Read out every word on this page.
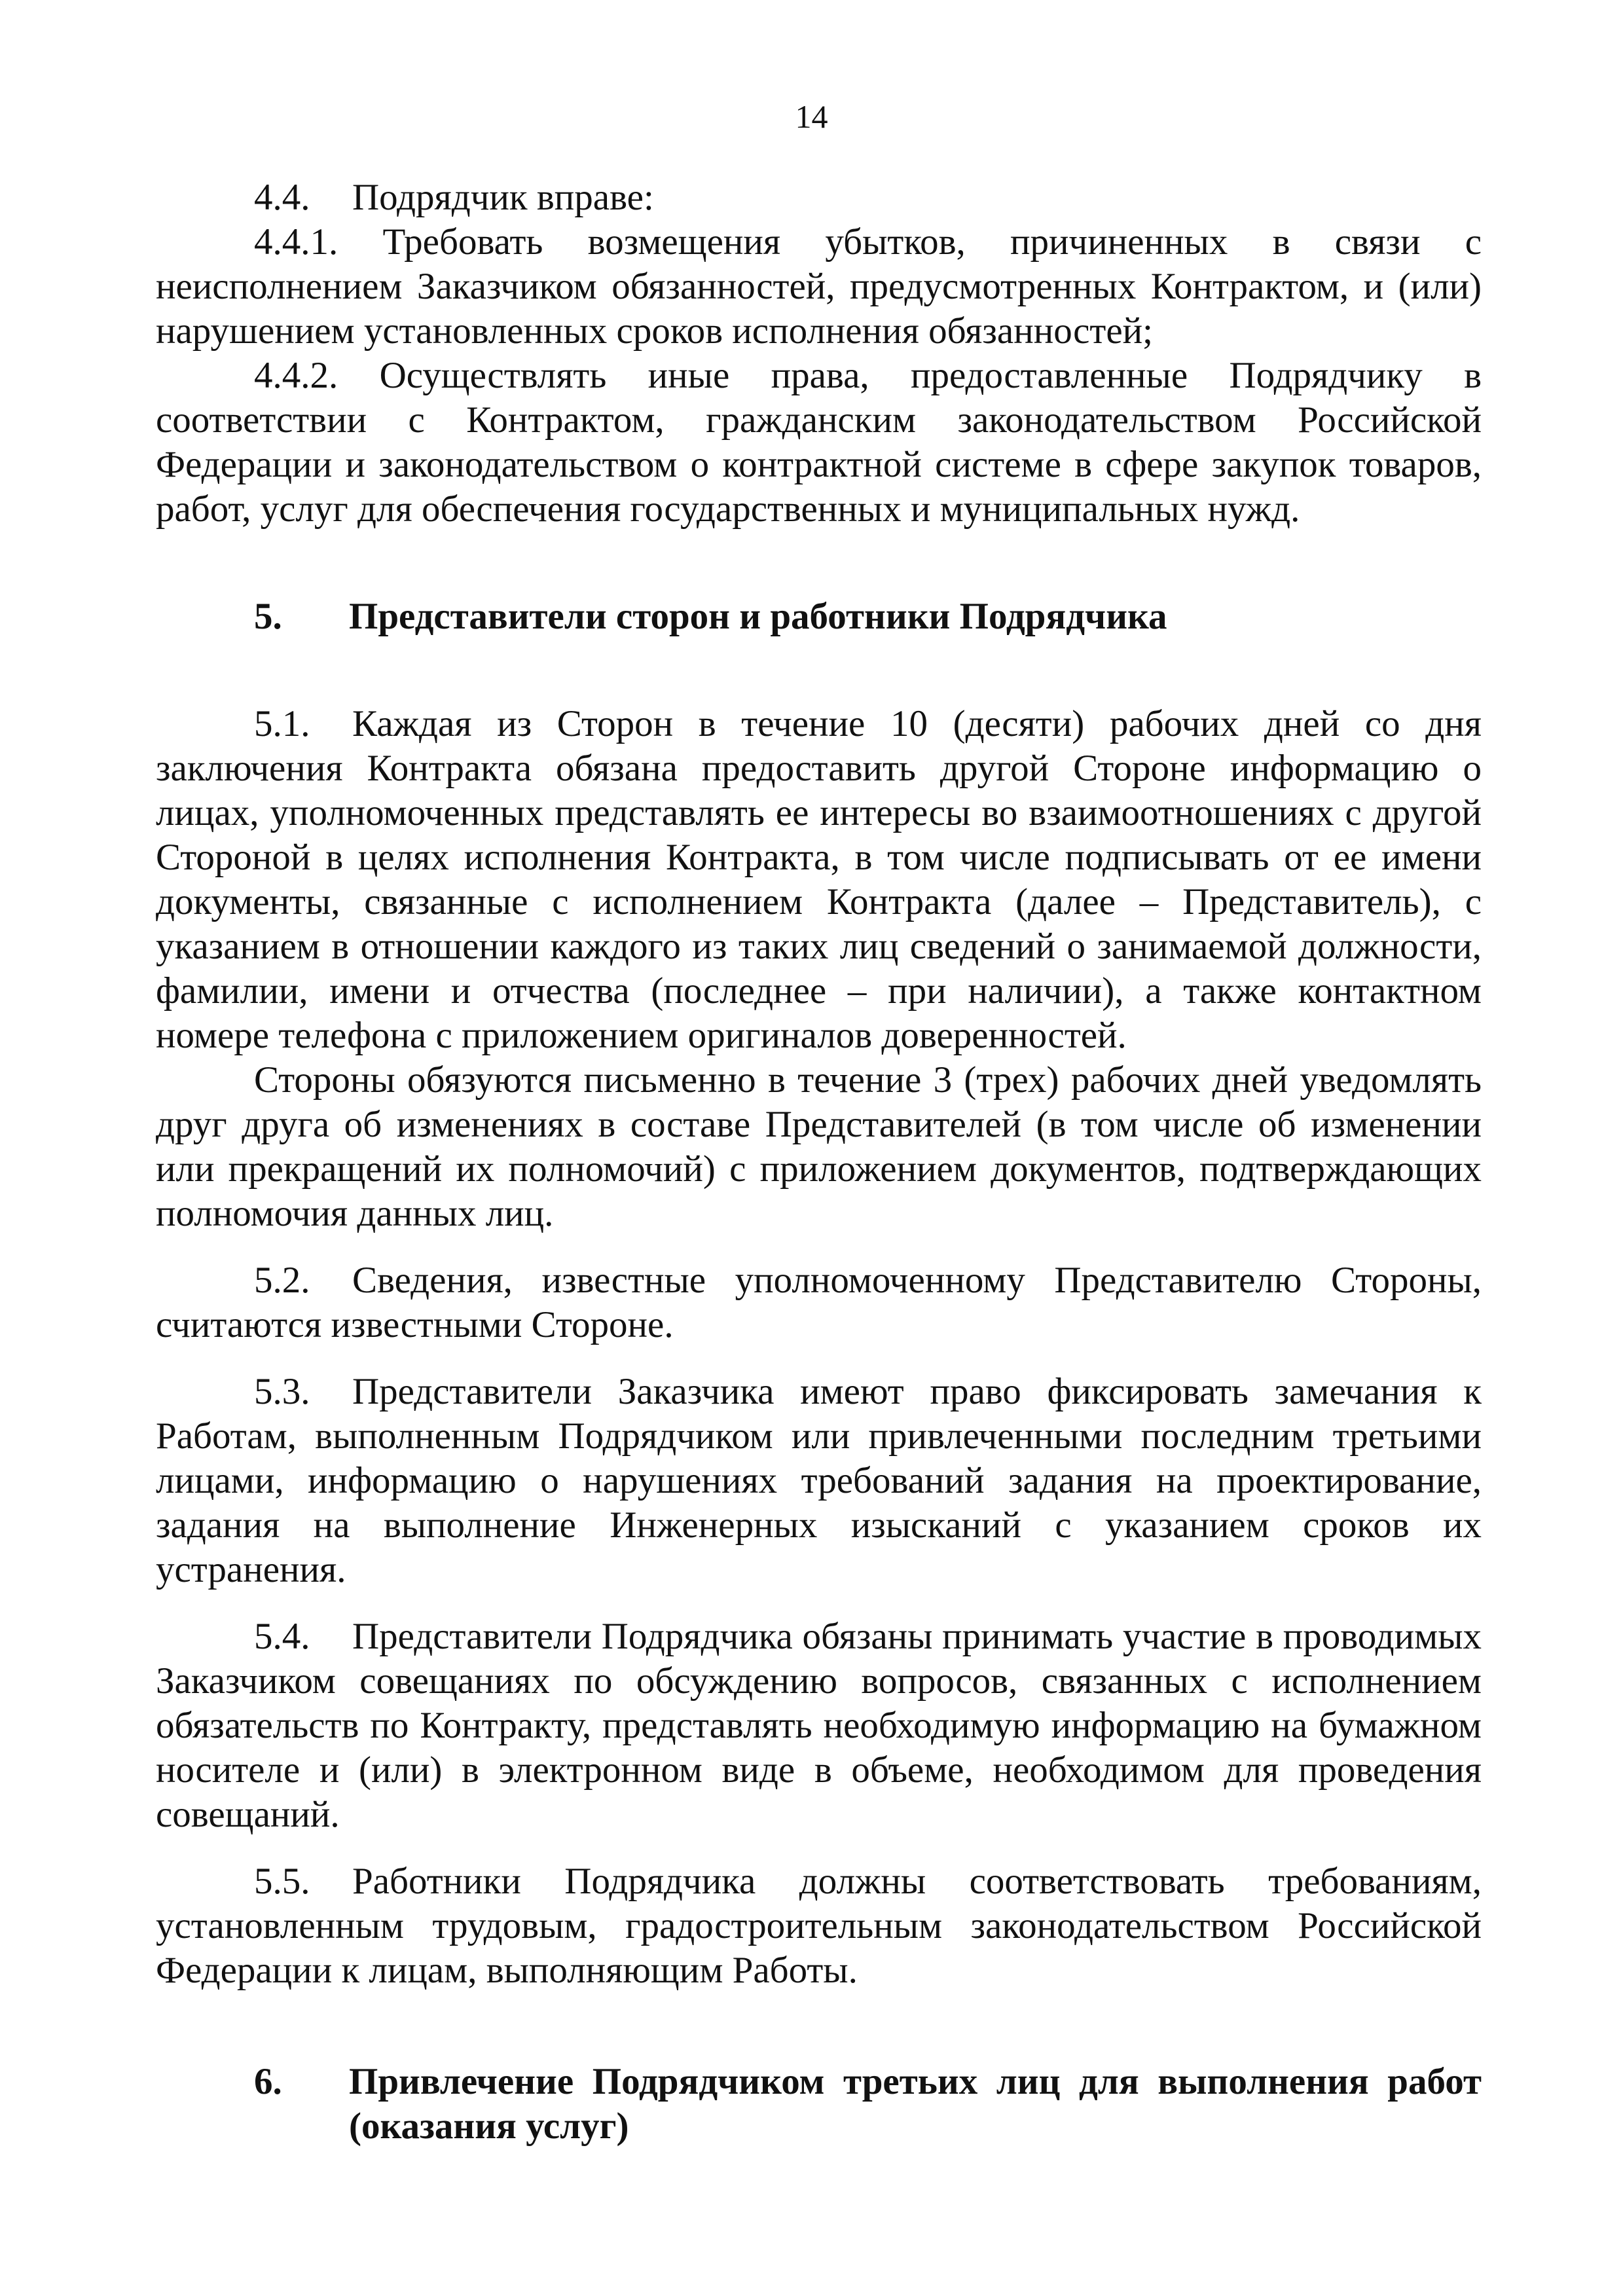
14

4.4. Подрядчик вправе:

4.4.1. Требовать возмещения убытков, причиненных в связи с неисполнением Заказчиком обязанностей, предусмотренных Контрактом, и (или) нарушением установленных сроков исполнения обязанностей;

4.4.2. Осуществлять иные права, предоставленные Подрядчику в соответствии с Контрактом, гражданским законодательством Российской Федерации и законодательством о контрактной системе в сфере закупок товаров, работ, услуг для обеспечения государственных и муниципальных нужд.

5.	Представители сторон и работники Подрядчика

5.1. Каждая из Сторон в течение 10 (десяти) рабочих дней со дня заключения Контракта обязана предоставить другой Стороне информацию о лицах, уполномоченных представлять ее интересы во взаимоотношениях с другой Стороной в целях исполнения Контракта, в том числе подписывать от ее имени документы, связанные с исполнением Контракта (далее – Представитель), с указанием в отношении каждого из таких лиц сведений о занимаемой должности, фамилии, имени и отчества (последнее – при наличии), а также контактном номере телефона с приложением оригиналов доверенностей.

Стороны обязуются письменно в течение 3 (трех) рабочих дней уведомлять друг друга об изменениях в составе Представителей (в том числе об изменении или прекращений их полномочий) с приложением документов, подтверждающих полномочия данных лиц.

5.2. Сведения, известные уполномоченному Представителю Стороны, считаются известными Стороне.

5.3. Представители Заказчика имеют право фиксировать замечания к Работам, выполненным Подрядчиком или привлеченными последним третьими лицами, информацию о нарушениях требований задания на проектирование, задания на выполнение Инженерных изысканий с указанием сроков их устранения.

5.4. Представители Подрядчика обязаны принимать участие в проводимых Заказчиком совещаниях по обсуждению вопросов, связанных с исполнением обязательств по Контракту, представлять необходимую информацию на бумажном носителе и (или) в электронном виде в объеме, необходимом для проведения совещаний.

5.5. Работники Подрядчика должны соответствовать требованиям, установленным трудовым, градостроительным законодательством Российской Федерации к лицам, выполняющим Работы.

6.	Привлечение Подрядчиком третьих лиц для выполнения работ (оказания услуг)
